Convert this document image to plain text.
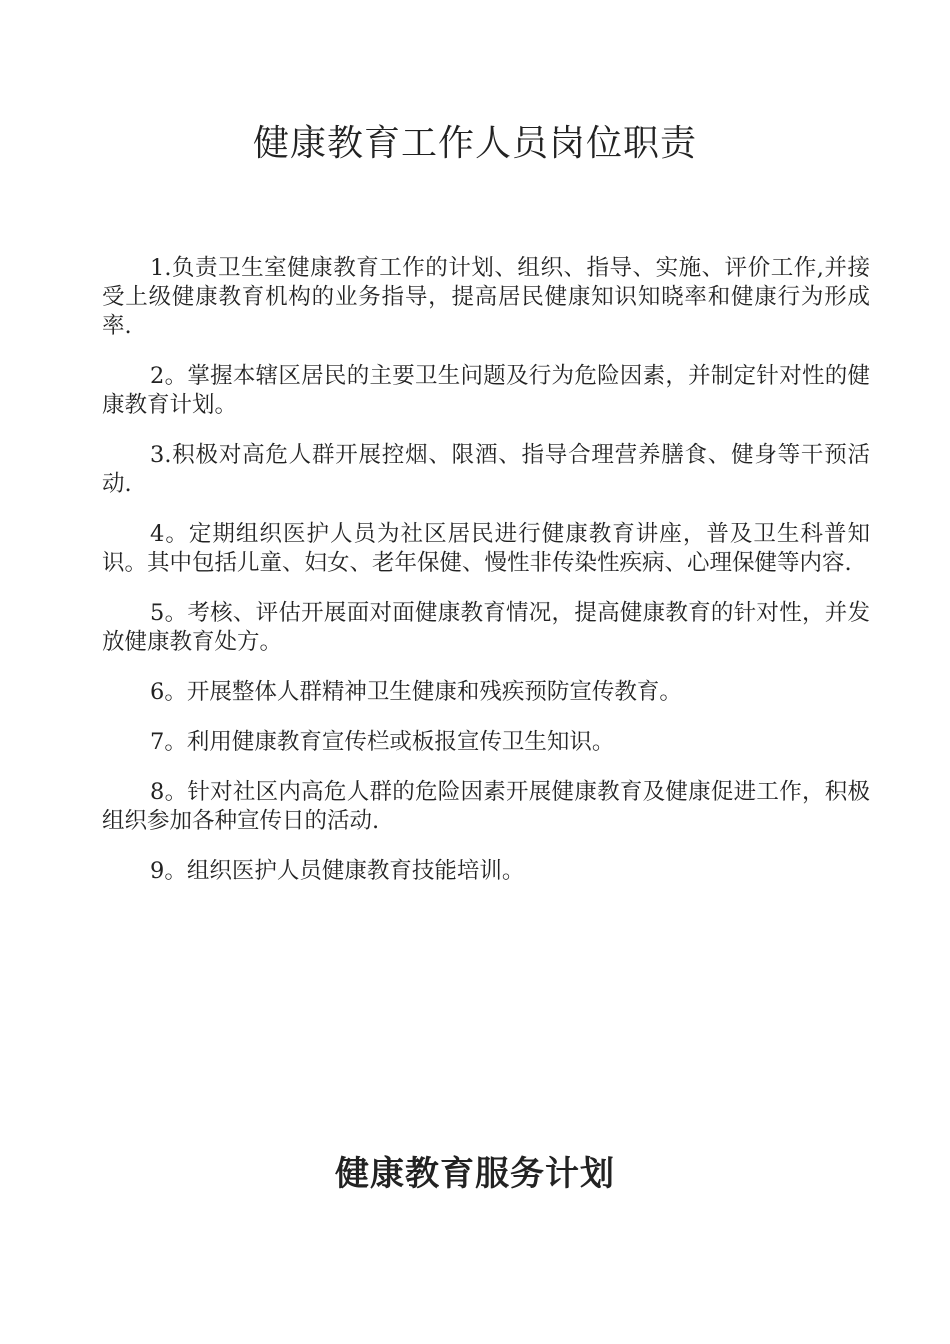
健康教育工作人员岗位职责
1.负责卫生室健康教育工作的计划、组织、指导、实施、评价工作,并接受上级健康教育机构的业务指导，提高居民健康知识知晓率和健康行为形成率.
2。掌握本辖区居民的主要卫生问题及行为危险因素，并制定针对性的健康教育计划。
3.积极对高危人群开展控烟、限酒、指导合理营养膳食、健身等干预活动.
4。定期组织医护人员为社区居民进行健康教育讲座，普及卫生科普知识。其中包括儿童、妇女、老年保健、慢性非传染性疾病、心理保健等内容.
5。考核、评估开展面对面健康教育情况，提高健康教育的针对性，并发放健康教育处方。
6。开展整体人群精神卫生健康和残疾预防宣传教育。
7。利用健康教育宣传栏或板报宣传卫生知识。
8。针对社区内高危人群的危险因素开展健康教育及健康促进工作，积极组织参加各种宣传日的活动.
9。组织医护人员健康教育技能培训。
健康教育服务计划
